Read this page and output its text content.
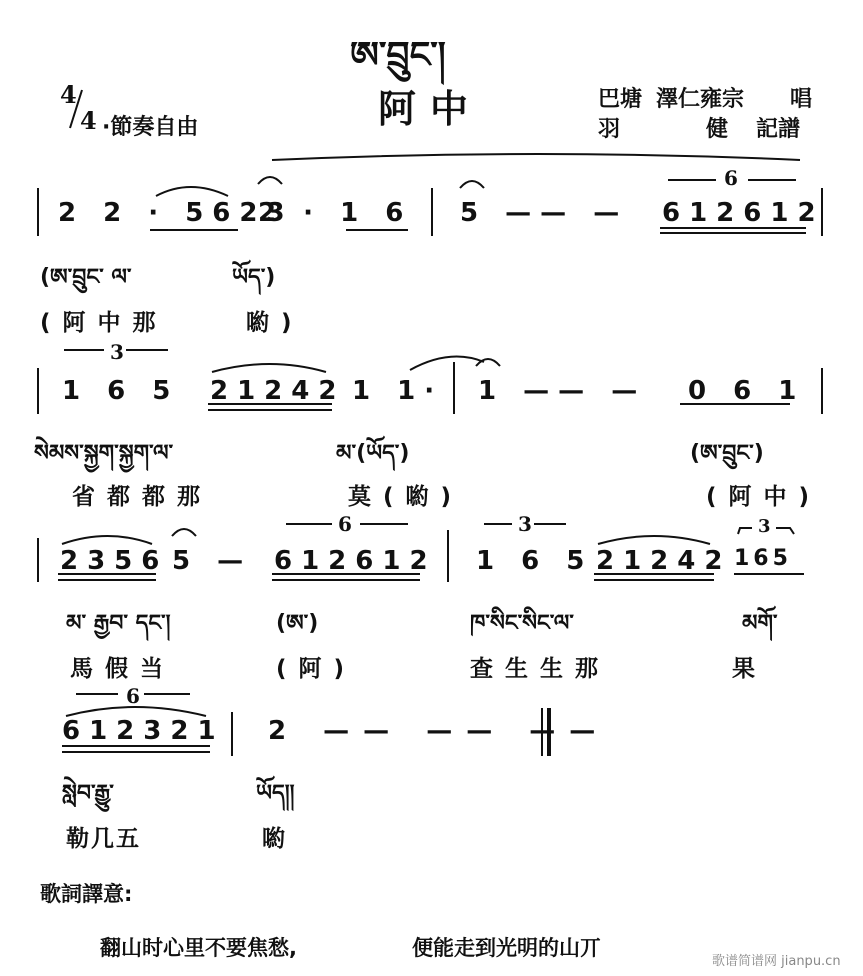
ཨ་བྲུང་།
阿中
4
4 ·節奏自由
巴塘 澤仁雍宗 唱
羽	健 記譜
2 2 · 5623
2 · 1 6 5 —— — 612612
6
(ཨ་བྲུང་ ལ་	ཡོད་)
(阿中那	喲)
1 6 5
3
21242 1 1· 1 —— — 0 6 1
སེམས་སྐྱག་སྐྱག་ལ་	མ་(ཡོད་)	(ཨ་བྲུང་)
省都都那	莫(喲)	(阿中)
2356 5 — 612612
6
1 6 5
3
21242 165
3
མ་ རྒྱབ་ དང་།	(ཨ་)	ཁ་སིང་སིང་ལ་	མགོ་
馬假当	(阿)	查生生那	果
612321
6
2 —— —— ——
སླེབ་རྒྱུ་	ཡོད།།
勒几五	喲
歌詞譯意:
翻山时心里不要焦愁,	便能走到光明的山丌
歌谱简谱网 jianpu.cn
